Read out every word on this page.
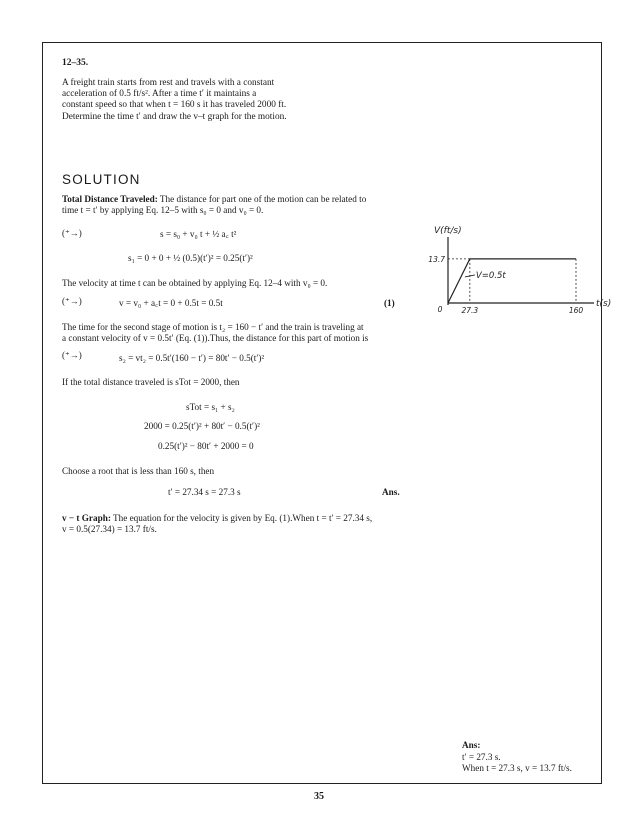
12–35.
A freight train starts from rest and travels with a constant
acceleration of 0.5 ft/s². After a time t′ it maintains a
constant speed so that when t = 160 s it has traveled 2000 ft.
Determine the time t′ and draw the v–t graph for the motion.
SOLUTION
Total Distance Traveled: The distance for part one of the motion can be related to
time t = t′ by applying Eq. 12–5 with s₀ = 0 and v₀ = 0.
(⁺→)	s = s₀ + v₀ t + ½ a꜀ t²
s₁ = 0 + 0 + ½ (0.5)(t′)² = 0.25(t′)²
The velocity at time t can be obtained by applying Eq. 12–4 with v₀ = 0.
(⁺→)	v = v₀ + a꜀t = 0 + 0.5t = 0.5t	(1)
The time for the second stage of motion is t₂ = 160 − t′ and the train is traveling at
a constant velocity of v = 0.5t′ (Eq. (1)).Thus, the distance for this part of motion is
(⁺→)	s₂ = vt₂ = 0.5t′(160 − t′) = 80t′ − 0.5(t′)²
If the total distance traveled is sTot = 2000, then
sTot = s₁ + s₂
2000 = 0.25(t′)² + 80t′ − 0.5(t′)²
0.25(t′)² − 80t′ + 2000 = 0
Choose a root that is less than 160 s, then
t′ = 27.34 s = 27.3 s	Ans.
v − t Graph: The equation for the velocity is given by Eq. (1).When t = t′ = 27.34 s,
v = 0.5(27.34) = 13.7 ft/s.
V(ft/s)
t(s)
13.7
27.3	160
0
V=0.5t
Ans:
t′ = 27.3 s.
When t = 27.3 s, v = 13.7 ft/s.
35
